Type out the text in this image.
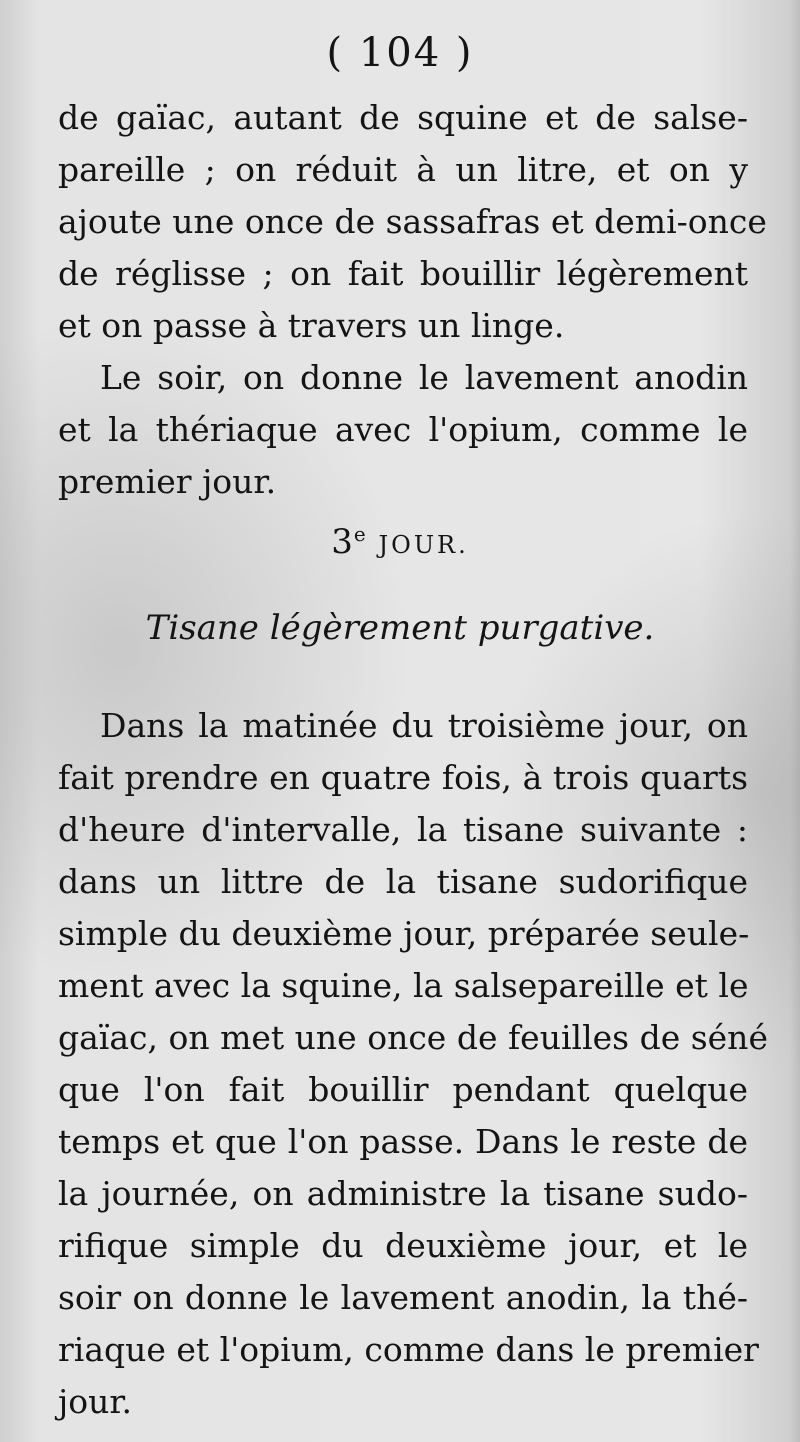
( 104 )
de gaïac, autant de squine et de salse-
pareille ; on réduit à un litre, et on y
ajoute une once de sassafras et demi-once
de réglisse ; on fait bouillir légèrement
et on passe à travers un linge.
Le soir, on donne le lavement anodin
et la thériaque avec l'opium, comme le
premier jour.
3e JOUR.
Tisane légèrement purgative.
Dans la matinée du troisième jour, on
fait prendre en quatre fois, à trois quarts
d'heure d'intervalle, la tisane suivante :
dans un littre de la tisane sudorifique
simple du deuxième jour, préparée seule-
ment avec la squine, la salsepareille et le
gaïac, on met une once de feuilles de séné
que l'on fait bouillir pendant quelque
temps et que l'on passe. Dans le reste de
la journée, on administre la tisane sudo-
rifique simple du deuxième jour, et le
soir on donne le lavement anodin, la thé-
riaque et l'opium, comme dans le premier
jour.
